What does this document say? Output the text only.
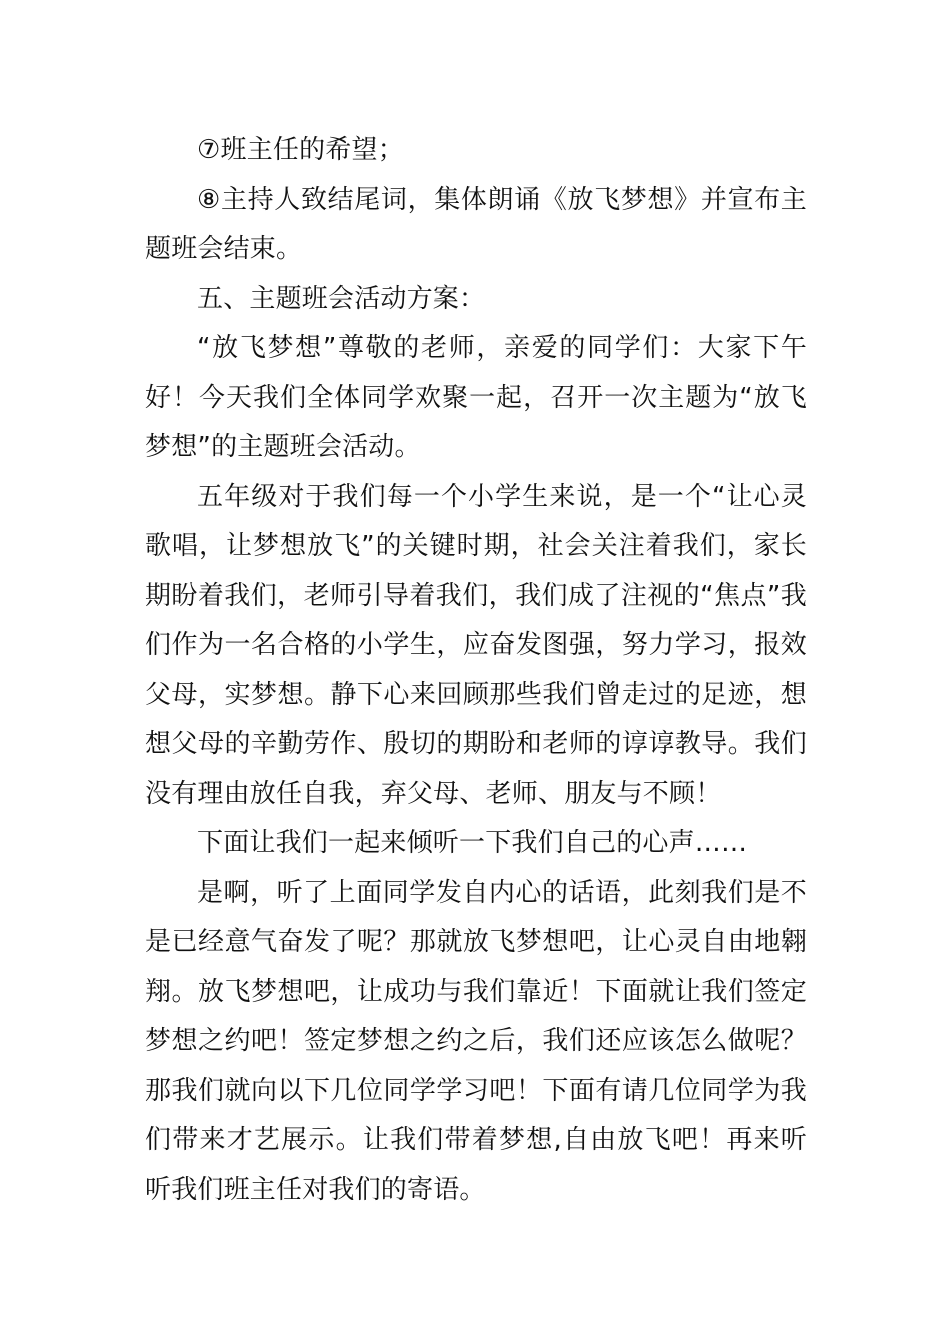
⑦班主任的希望；

⑧主持人致结尾词，集体朗诵《放飞梦想》并宣布主题班会结束。

五、主题班会活动方案：

“放飞梦想”尊敬的老师，亲爱的同学们：大家下午好！今天我们全体同学欢聚一起，召开一次主题为“放飞梦想”的主题班会活动。

五年级对于我们每一个小学生来说，是一个“让心灵歌唱，让梦想放飞”的关键时期，社会关注着我们，家长期盼着我们，老师引导着我们，我们成了注视的“焦点”我们作为一名合格的小学生，应奋发图强，努力学习，报效父母，实梦想。静下心来回顾那些我们曾走过的足迹，想想父母的辛勤劳作、殷切的期盼和老师的谆谆教导。我们没有理由放任自我，弃父母、老师、朋友与不顾！

下面让我们一起来倾听一下我们自己的心声……

是啊，听了上面同学发自内心的话语，此刻我们是不是已经意气奋发了呢？那就放飞梦想吧，让心灵自由地翱翔。放飞梦想吧，让成功与我们靠近！下面就让我们签定梦想之约吧！签定梦想之约之后，我们还应该怎么做呢？那我们就向以下几位同学学习吧！下面有请几位同学为我们带来才艺展示。让我们带着梦想,自由放飞吧！再来听听我们班主任对我们的寄语。
